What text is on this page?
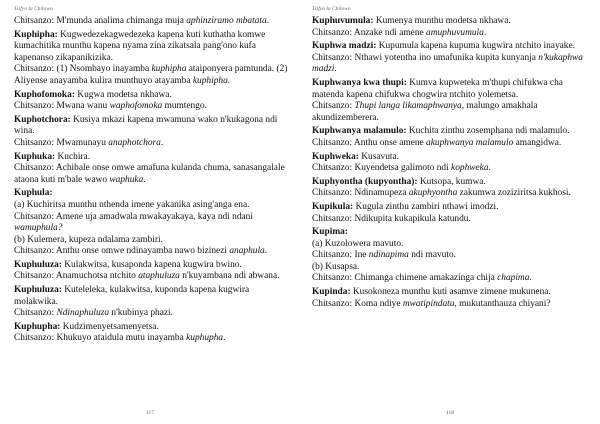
Tsifyo la Chilowo

Chitsanzo: M'munda analima chimanga muja aphinziramo mbatata.

Kuphipha: Kugwedezekagwedezeka kapena kuti kuthatha komwe kumachitika munthu kapena nyama zina zikatsala pang'ono kufa kapenanso zikapanikizika.

Chitsanzo: (1) Nsombayo inayamba kuphipha ataiponyera pamtunda. (2) Aliyense anayamba kulira munthuyo atayamba kuphipha.

Kuphofomoka: Kugwa modetsa nkhawa.

Chitsanzo: Mwana wanu waphofomoka mumtengo.

Kuphotchora: Kusiya mkazi kapena mwamuna wako n'kukagona ndi wina.

Chitsanzo: Mwamunayu anaphotchora.

Kuphuka: Kuchira.

Chitsanzo: Achibale onse omwe amafuna kulanda chuma, sanasangalale ataona kuti m'bale wawo waphuka.

Kuphula:

(a) Kuchiritsa munthu nthenda imene yakanika asing'anga ena.

Chitsanzo: Amene uja amadwala mwakayakaya, kaya ndi ndani wamuphula?

(b) Kulemera, kupeza ndalama zambiri.

Chitsanzo: Anthu onse omwe ndinayamba nawo bizinezi anaphula.

Kuphuluza: Kulakwitsa, kusaponda kapena kugwira bwino.

Chitsanzo: Anamuchotsa ntchito ataphuluza n'kuyambana ndi abwana.

Kuphuluza: Kuteleleka, kulakwitsa, kuponda kapena kugwira molakwika.

Chitsanzo: Ndinaphuluza n'kubinya phazi.

Kuphupha: Kudzimenyetsamenyetsa.

Chitsanzo: Khukuyo ataidula mutu inayamba kuphupha.

117
Tsifyo la Chilowo

Kuphuvumula: Kumenya munthu modetsa nkhawa.

Chitsanzo: Anzake ndi amene amuphuvumula.

Kuphwa madzi: Kupumula kapena kupuma kugwira ntchito inayake.

Chitsanzo: Nthawi yotentha ino umafunika kupita kunyanja n'kukaphwa madzi.

Kuphwanya kwa thupi: Kumva kupweteka m'thupi chifukwa cha matenda kapena chifukwa chogwira ntchito yolemetsa.

Chitsanzo: Thupi langa likamaphwanya, malungo amakhala akundizemberera.

Kuphwanya malamulo: Kuchita zinthu zosemphana ndi malamulo.

Chitsanzo: Anthu onse amene akuphwanya malamulo amangidwa.

Kuphweka: Kusavuta.

Chitsanzo: Kuyendetsa galimoto ndi kophweka.

Kuphyontha (kupyontha): Kutsopa, kumwa.

Chitsanzo: Ndinamupeza akuphyontha zakumwa zoziziritsa kukhosi.

Kupikula: Kugula zinthu zambiri nthawi imodzi.

Chitsanzo: Ndikupita kukapikula katundu.

Kupima:

(a) Kuzolowera mavuto.

Chitsanzo: Ine ndinapima ndi mavuto.

(b) Kusapsa.

Chitsanzo: Chimanga chimene amakazinga chija chapima.

Kupinda: Kusokoneza munthu kuti asamve zimene mukunena.

Chitsanzo: Koma ndiye mwatipindatu, mukutanthauza chiyani?

118
